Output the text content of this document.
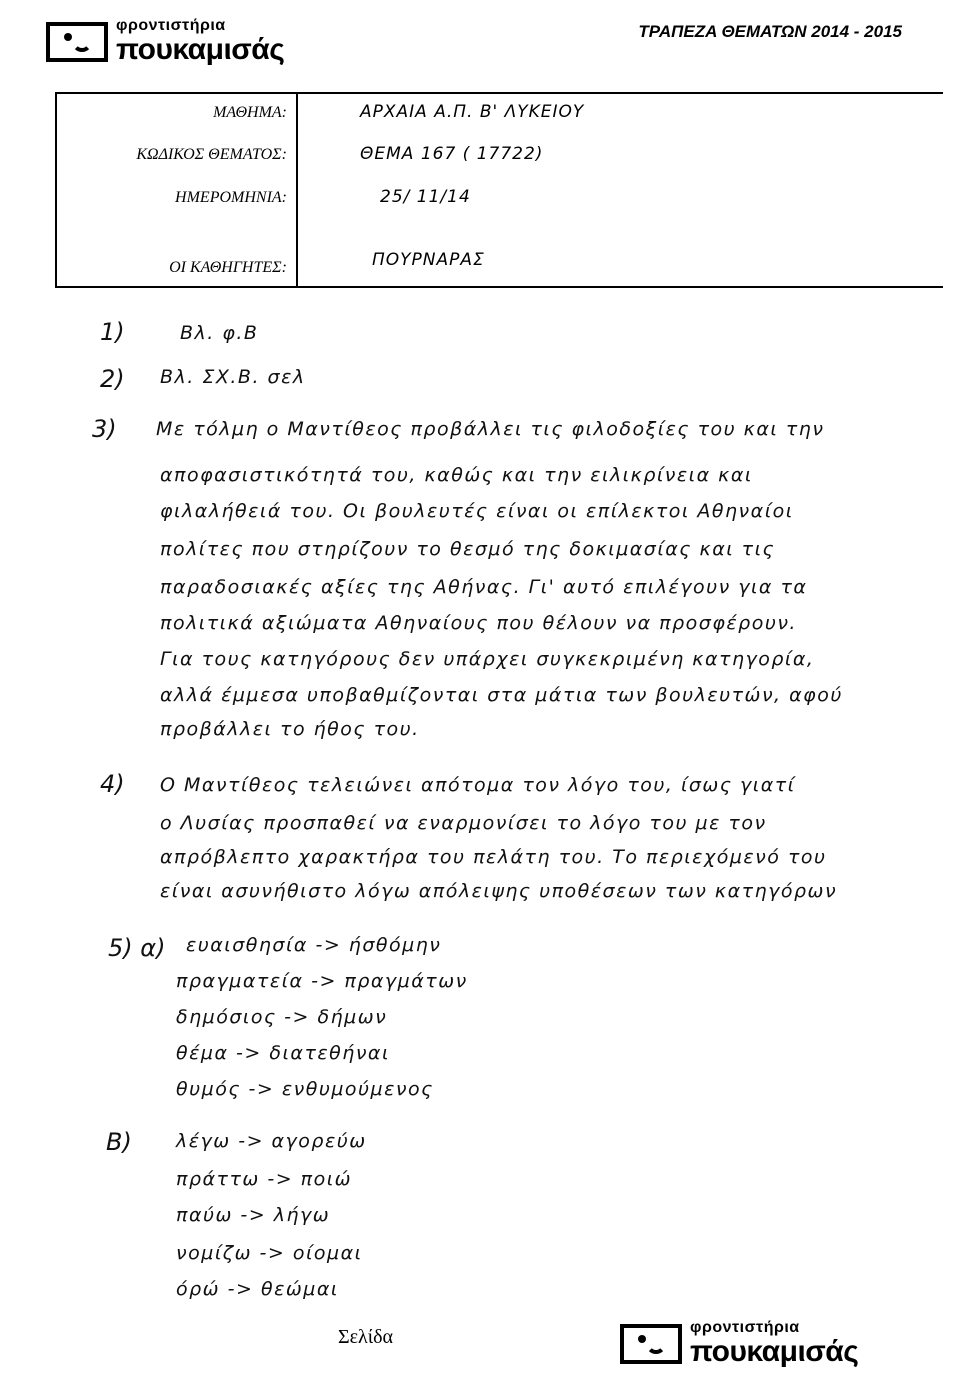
φροντιστήρια
πουκαμισάς
ΤΡΑΠΕΖΑ ΘΕΜΑΤΩΝ 2014 - 2015
ΜΑΘΗΜΑ:	ΑΡΧΑΙΑ Α.Π. Β' ΛΥΚΕΙΟΥ
ΚΩΔΙΚΟΣ ΘΕΜΑΤΟΣ:	ΘΕΜΑ 167 ( 17722)
ΗΜΕΡΟΜΗΝΙΑ:	25/ 11/14
ΟΙ ΚΑΘΗΓΗΤΕΣ:	ΠΟΥΡΝΑΡΑΣ
1)	Βλ. φ.Β
2) Βλ. ΣΧ.Β. σελ
3) Με τόλμη ο Μαντίθεος προβάλλει τις φιλοδοξίες του και την
αποφασιστικότητά του, καθώς και την ειλικρίνεια και
φιλαλήθειά του. Οι βουλευτές είναι οι επίλεκτοι Αθηναίοι
πολίτες που στηρίζουν το θεσμό της δοκιμασίας και τις
παραδοσιακές αξίες της Αθήνας. Γι' αυτό επιλέγουν για τα
πολιτικά αξιώματα Αθηναίους που θέλουν να προσφέρουν.
Για τους κατηγόρους δεν υπάρχει συγκεκριμένη κατηγορία,
αλλά έμμεσα υποβαθμίζονται στα μάτια των βουλευτών, αφού
προβάλλει το ήθος του.
4) Ο Μαντίθεος τελειώνει απότομα τον λόγο του, ίσως γιατί
ο Λυσίας προσπαθεί να εναρμονίσει το λόγο του με τον
απρόβλεπτο χαρακτήρα του πελάτη του. Το περιεχόμενό του
είναι ασυνήθιστο λόγω απόλειψης υποθέσεων των κατηγόρων
5) α) ευαισθησία -> ήσθόμην
πραγματεία -> πραγμάτων
δημόσιος -> δήμων
θέμα -> διατεθήναι
θυμός -> ενθυμούμενος
Β) λέγω -> αγορεύω
πράττω -> ποιώ
παύω -> λήγω
νομίζω -> οίομαι
όρώ -> θεώμαι
Σελίδα	φροντιστήρια
πουκαμισάς
